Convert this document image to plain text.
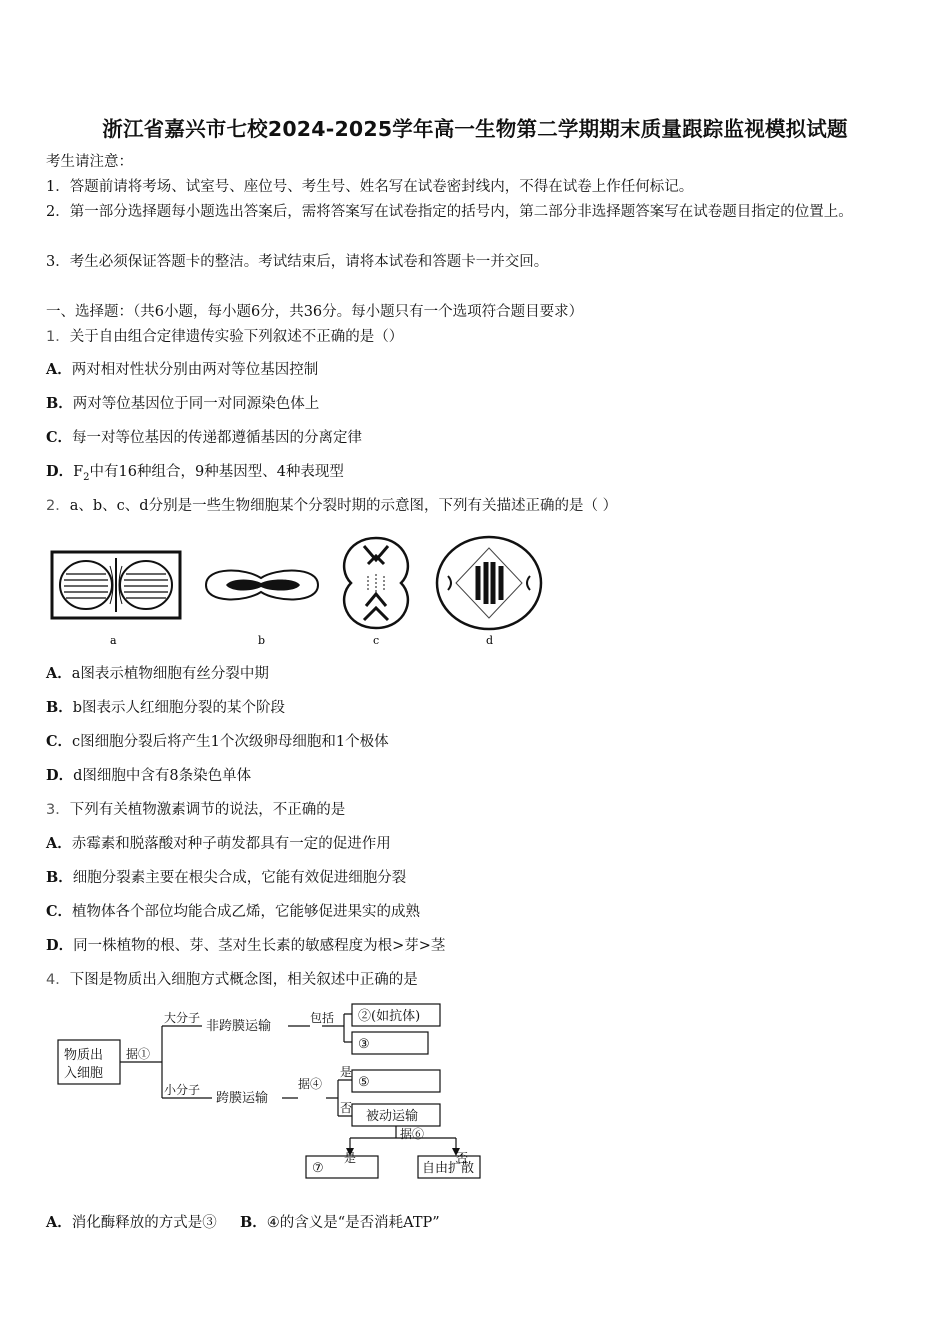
浙江省嘉兴市七校2024-2025学年高一生物第二学期期末质量跟踪监视模拟试题
考生请注意：
1．答题前请将考场、试室号、座位号、考生号、姓名写在试卷密封线内，不得在试卷上作任何标记。
2．第一部分选择题每小题选出答案后，需将答案写在试卷指定的括号内，第二部分非选择题答案写在试卷题目指定的位置上。
3．考生必须保证答题卡的整洁。考试结束后，请将本试卷和答题卡一并交回。
一、选择题：（共6小题，每小题6分，共36分。每小题只有一个选项符合题目要求）
1．关于自由组合定律遗传实验下列叙述不正确的是（）
A．两对相对性状分别由两对等位基因控制
B．两对等位基因位于同一对同源染色体上
C．每一对等位基因的传递都遵循基因的分离定律
D．$F_2$中有16种组合，9种基因型、4种表现型
2．a、b、c、d分别是一些生物细胞某个分裂时期的示意图，下列有关描述正确的是（ ）
a	b	c	d
A．a图表示植物细胞有丝分裂中期
B．b图表示人红细胞分裂的某个阶段
C．c图细胞分裂后将产生1个次级卵母细胞和1个极体
D．d图细胞中含有8条染色单体
3．下列有关植物激素调节的说法，不正确的是
A．赤霉素和脱落酸对种子萌发都具有一定的促进作用
B．细胞分裂素主要在根尖合成，它能有效促进细胞分裂
C．植物体各个部位均能合成乙烯，它能够促进果实的成熟
D．同一株植物的根、芽、茎对生长素的敏感程度为根>芽>茎
4．下图是物质出入细胞方式概念图，相关叙述中正确的是
物质出
入细胞
据①
大分子
非跨膜运输
包括 ②(如抗体)
③
小分子
跨膜运输
据④
是
否
⑤
被动运输
据⑥
是	否
⑦	自由扩散
A．消化酶释放的方式是③ B．④的含义是“是否消耗ATP”
